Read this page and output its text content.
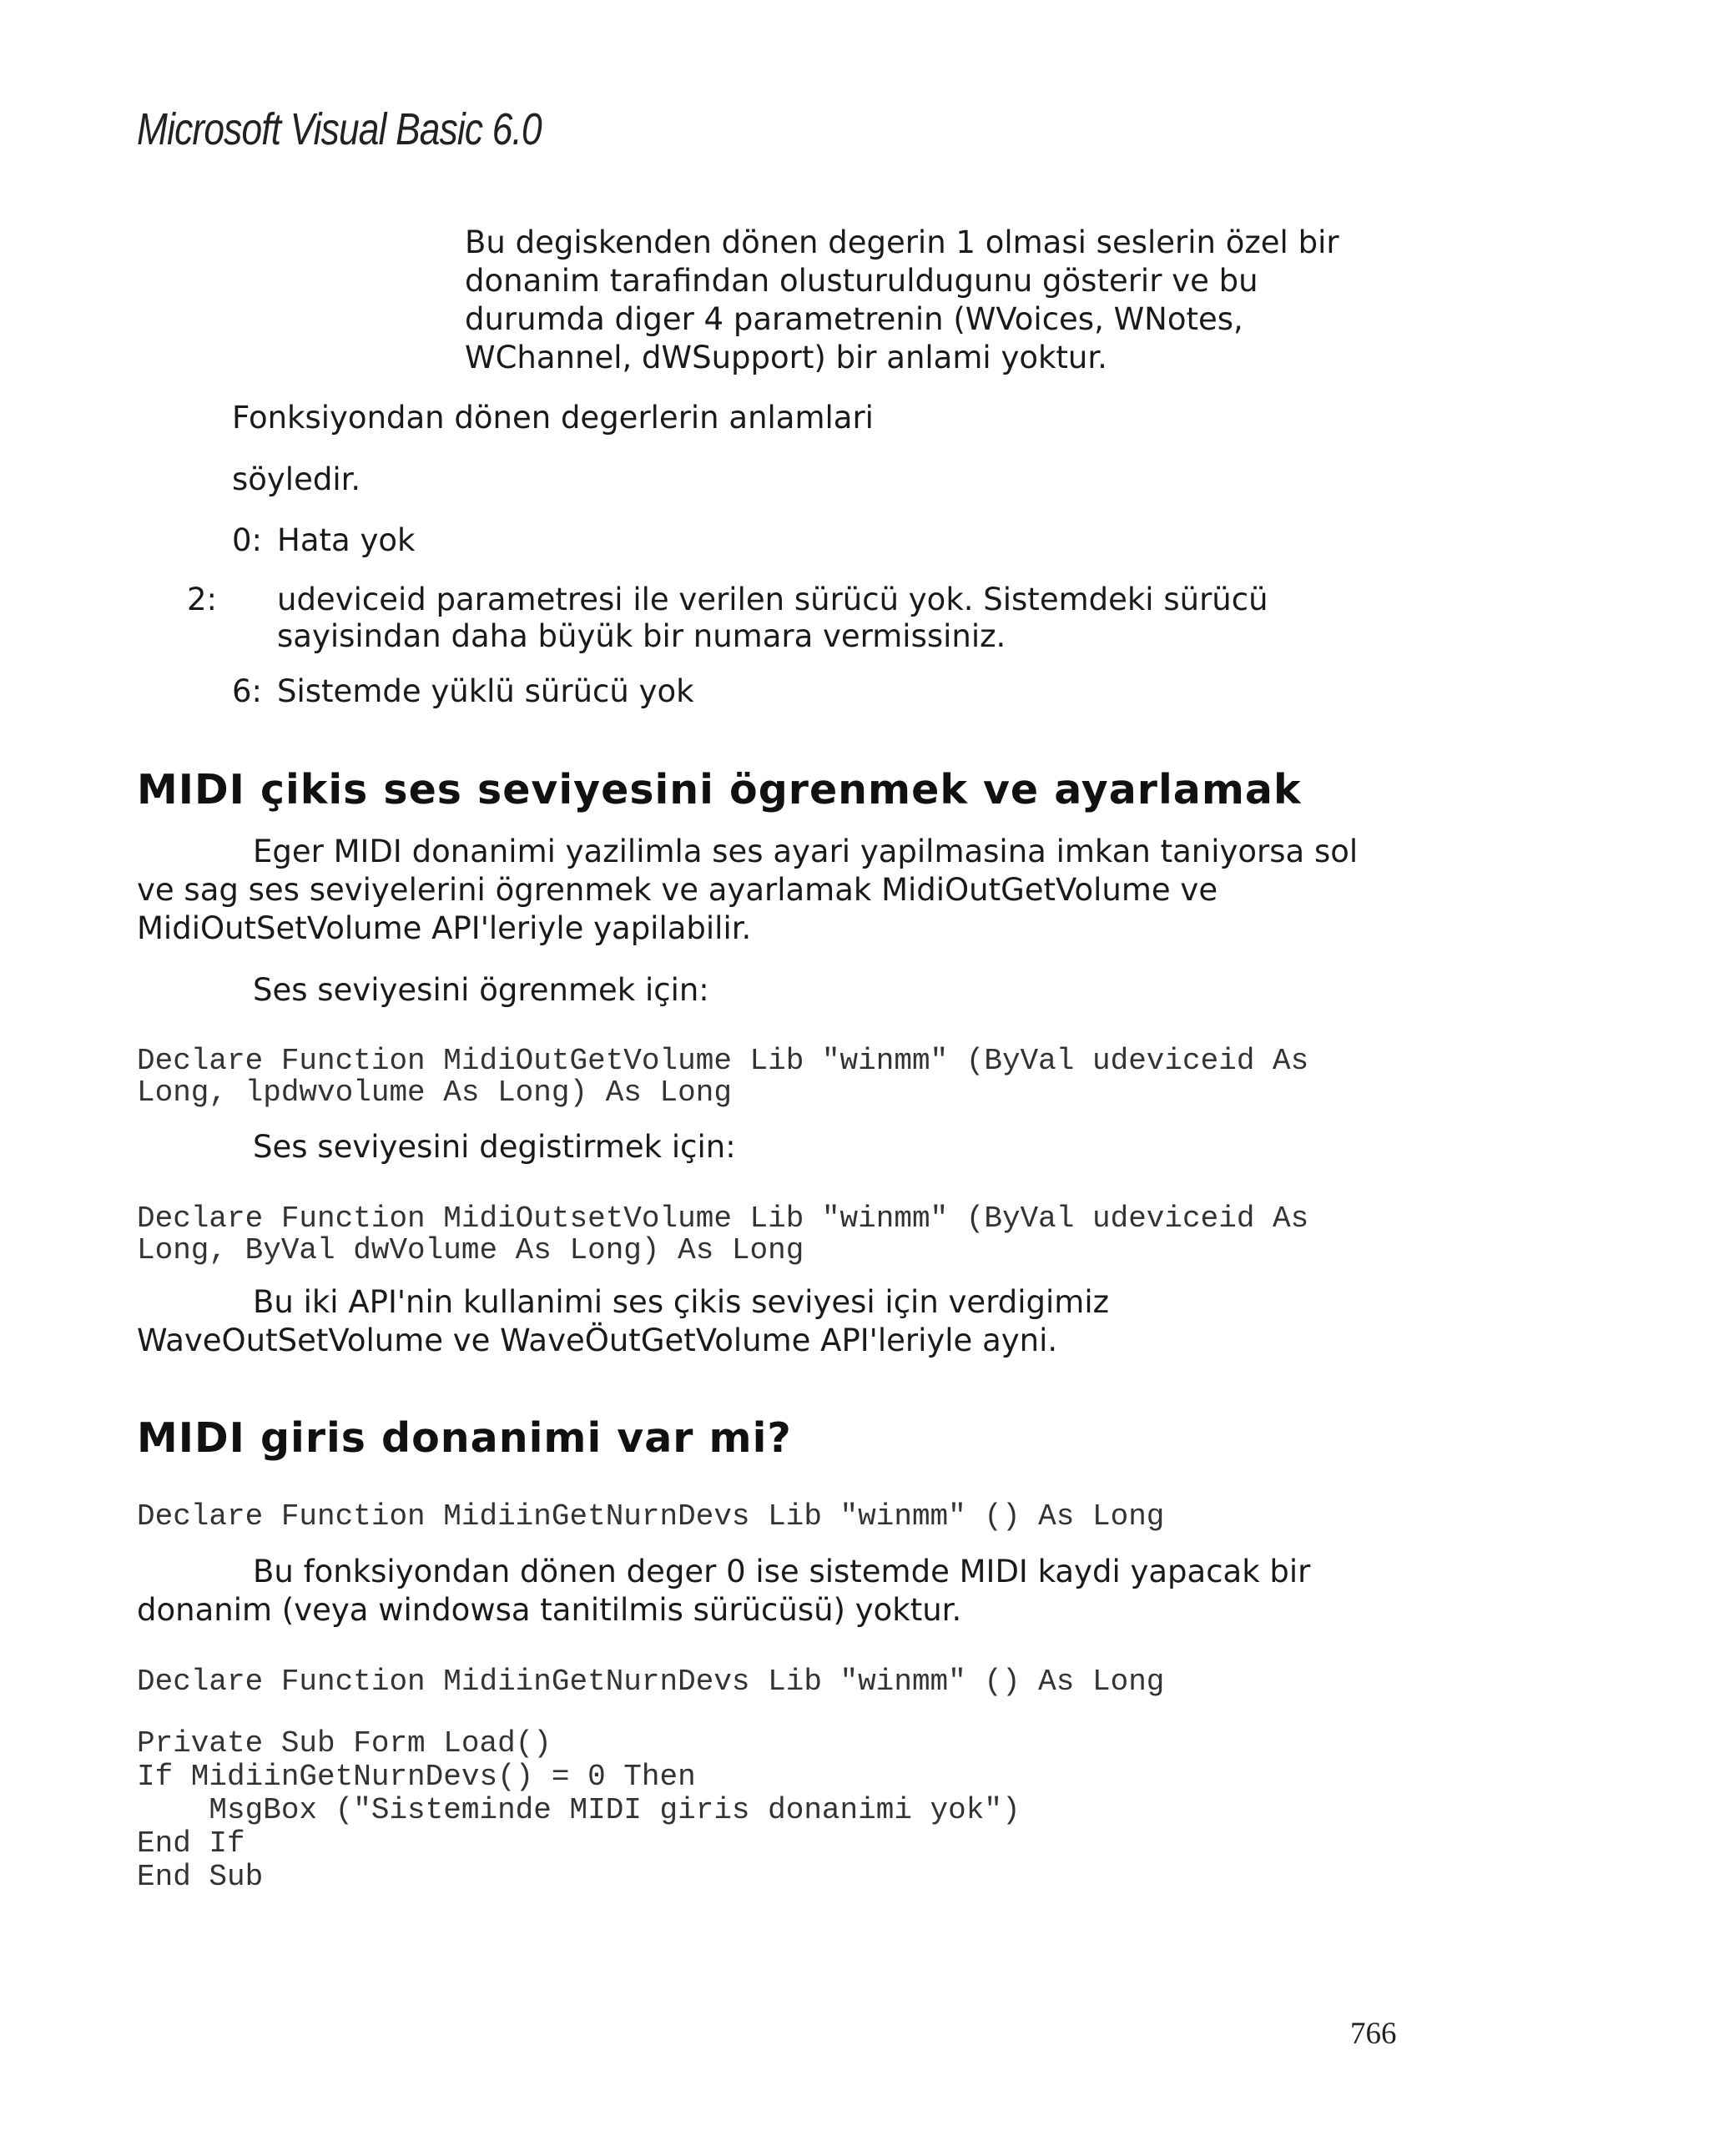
Microsoft Visual Basic 6.0
Bu degiskenden dönen degerin 1 olmasi seslerin özel bir
donanim tarafindan olusturuldugunu gösterir ve bu
durumda diger 4 parametrenin (WVoices, WNotes,
WChannel, dWSupport) bir anlami yoktur.
Fonksiyondan dönen degerlerin anlamlari
söyledir.
0: Hata yok
2: udeviceid parametresi ile verilen sürücü yok. Sistemdeki sürücü sayisindan daha büyük bir numara vermissiniz.
6: Sistemde yüklü sürücü yok
MIDI çikis ses seviyesini ögrenmek ve ayarlamak
Eger MIDI donanimi yazilimla ses ayari yapilmasina imkan taniyorsa sol
ve sag ses seviyelerini ögrenmek ve ayarlamak MidiOutGetVolume ve
MidiOutSetVolume API'leriyle yapilabilir.
Ses seviyesini ögrenmek için:
Declare Function MidiOutGetVolume Lib "winmm" (ByVal udeviceid As
Long, lpdwvolume As Long) As Long
Ses seviyesini degistirmek için:
Declare Function MidiOutsetVolume Lib "winmm" (ByVal udeviceid As
Long, ByVal dwVolume As Long) As Long
Bu iki API'nin kullanimi ses çikis seviyesi için verdigimiz
WaveOutSetVolume ve WaveÖutGetVolume API'leriyle ayni.
MIDI giris donanimi var mi?
Declare Function MidiinGetNurnDevs Lib "winmm" () As Long
Bu fonksiyondan dönen deger 0 ise sistemde MIDI kaydi yapacak bir
donanim (veya windowsa tanitilmis sürücüsü) yoktur.
Declare Function MidiinGetNurnDevs Lib "winmm" () As Long
Private Sub Form Load()
If MidiinGetNurnDevs() = 0 Then
MsgBox ("Sisteminde MIDI giris donanimi yok")
End If
End Sub
766
